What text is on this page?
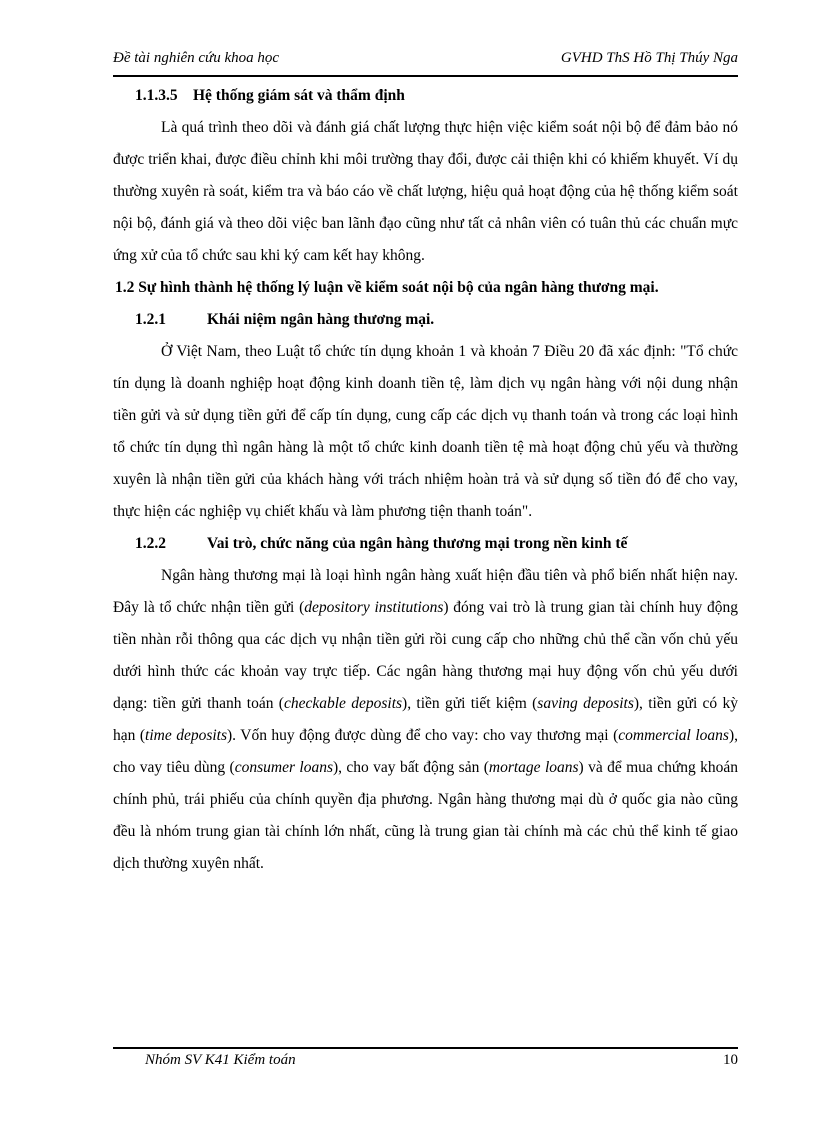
Đề tài nghiên cứu khoa học	GVHD ThS Hồ Thị Thúy Nga
1.1.3.5 Hệ thống giám sát và thẩm định

Là quá trình theo dõi và đánh giá chất lượng thực hiện việc kiểm soát nội bộ để đảm bảo nó được triển khai, được điều chỉnh khi môi trường thay đổi, được cải thiện khi có khiếm khuyết. Ví dụ thường xuyên rà soát, kiểm tra và báo cáo về chất lượng, hiệu quả hoạt động của hệ thống kiểm soát nội bộ, đánh giá và theo dõi việc ban lãnh đạo cũng như tất cả nhân viên có tuân thủ các chuẩn mực ứng xử của tổ chức sau khi ký cam kết hay không.

1.2 Sự hình thành hệ thống lý luận về kiểm soát nội bộ của ngân hàng thương mại.
1.2.1	Khái niệm ngân hàng thương mại.

Ở Việt Nam, theo Luật tổ chức tín dụng khoản 1 và khoản 7 Điều 20 đã xác định: "Tổ chức tín dụng là doanh nghiệp hoạt động kinh doanh tiền tệ, làm dịch vụ ngân hàng với nội dung nhận tiền gửi và sử dụng tiền gửi để cấp tín dụng, cung cấp các dịch vụ thanh toán và trong các loại hình tổ chức tín dụng thì ngân hàng là một tổ chức kinh doanh tiền tệ mà hoạt động chủ yếu và thường xuyên là nhận tiền gửi của khách hàng với trách nhiệm hoàn trả và sử dụng số tiền đó để cho vay, thực hiện các nghiệp vụ chiết khấu và làm phương tiện thanh toán".

1.2.2	Vai trò, chức năng của ngân hàng thương mại trong nền kinh tế

Ngân hàng thương mại là loại hình ngân hàng xuất hiện đầu tiên và phổ biến nhất hiện nay. Đây là tổ chức nhận tiền gửi (depository institutions) đóng vai trò là trung gian tài chính huy động tiền nhàn rỗi thông qua các dịch vụ nhận tiền gửi rồi cung cấp cho những chủ thể cần vốn chủ yếu dưới hình thức các khoản vay trực tiếp. Các ngân hàng thương mại huy động vốn chủ yếu dưới dạng: tiền gửi thanh toán (checkable deposits), tiền gửi tiết kiệm (saving deposits), tiền gửi có kỳ hạn (time deposits). Vốn huy động được dùng để cho vay: cho vay thương mại (commercial loans), cho vay tiêu dùng (consumer loans), cho vay bất động sản (mortage loans) và để mua chứng khoán chính phủ, trái phiếu của chính quyền địa phương. Ngân hàng thương mại dù ở quốc gia nào cũng đều là nhóm trung gian tài chính lớn nhất, cũng là trung gian tài chính mà các chủ thể kinh tế giao dịch thường xuyên nhất.

Nhóm SV K41 Kiểm toán	10
